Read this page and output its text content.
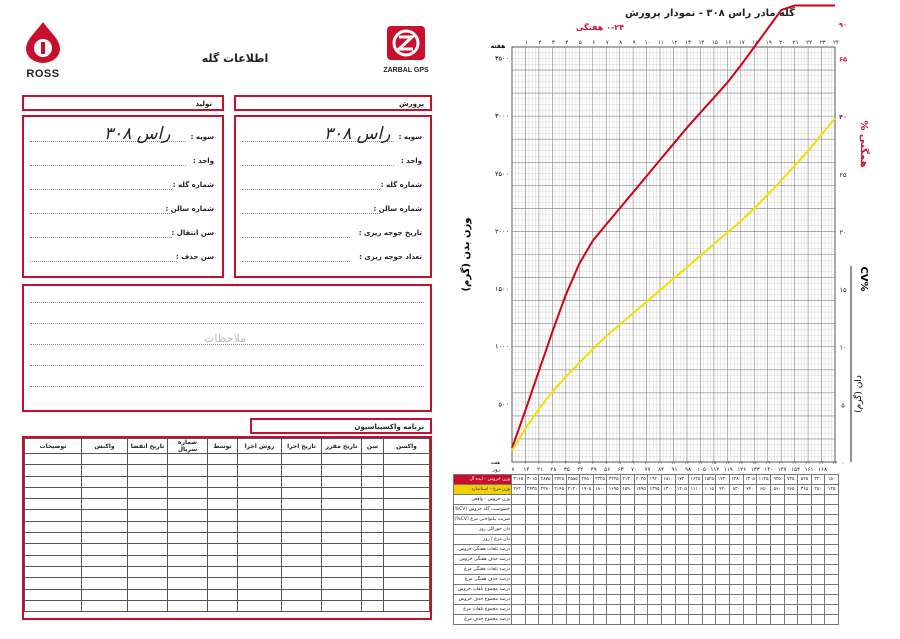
ROSS	ZARBAL GPS
اطلاعات گله
تولید	پرورش
سویه :
راس ۳۰۸
واحد :
شماره گله :
شماره سالن :
سن انتقال :
سن حذف :
سویه :
راس ۳۰۸
واحد :
شماره گله :
شماره سالن :
تاریخ جوجه ریزی :
تعداد جوجه ریزی :
ملاحظات
برنامه واکسیناسیون
واکسن	سن	تاریخ مقرر	تاریخ اجرا	روش اجرا	توسط	شماره سریال	تاریخ انقضا	واکنش	توضیحات

گله مادر راس ۳۰۸ - نمودار پرورش
۰-۲۴ هفتگی
۱ ۲ ۳ ۴ ۵ ۶ ۷ ۸ ۹ ۱۰ ۱۱ ۱۲ ۱۳ ۱۴ ۱۵ ۱۶ ۱۷ ۱۸ ۱۹ ۲۰ ۲۱ ۲۲ ۲۳ ۲۴
هفته
۷
۱
۱۴
۲
۲۱
۳
۲۸
۴
۳۵
۵
۴۲
۶
۴۹
۷
۵۶
۸
۶۳
۹
۷۰
۱۰
۷۷
۱۱
۸۴
۱۲
۹۱
۱۳
۹۸
۱۴
۱۰۵
۱۵
۱۱۲
۱۶
۱۱۹
۱۷
۱۲۶
۱۸
۱۳۳
۱۹
۱۴۰
۲۰
۱۴۷
۲۱
۱۵۴
۲۲
۱۶۱
۲۳
۱۶۸
۲۴
هفته
روز
۵۰۰
۱۰۰۰
۱۵۰۰
۲۰۰۰
۲۵۰۰
۳۰۰۰
۳۵۰۰
وزن بدن (گرم)
۹۰
۶۵
۴۰
۲۵
۲۰
۱۵
۱۰
۵
۰
% همگنی
CV%
دان (گرم)
وزن خروس - ایده آل	۳۱۶۵	۳۰۱۵	۲۸۷۵	۲۷۲۵	۲۵۸۵	۲۴۵۰	۲۳۲۵	۲۲۲۵	۲۱۳۰	۲۰۳۵	۱۹۲۰	۱۸۱۰	۱۷۲۰	۱۶۲۵	۱۵۲۵	۱۴۲۰	۱۳۸۰	۱۳۰۵	۱۱۲۵	۹۲۵	۷۲۵	۵۲۵	۳۲۰	۱۵۰
وزن مرغ - استاندارد	۲۶۲۰	۲۴۳۵	۲۲۸۰	۲۱۴۵	۲۰۲۰	۱۹۰۵	۱۸۰۰	۱۶۹۵	۱۵۹۰	۱۴۹۵	۱۳۹۵	۱۳۰۰	۱۲۰۵	۱۱۱۰	۱۰۱۵	۹۲۰	۸۳۰	۷۴۰	۶۵۰	۵۶۰	۴۶۵	۳۶۵	۲۵۰	۱۲۵
وزن خروس - واقعی																								
خصوصیت گله خروس (CV%)																								
ضریب یکنواختی مرغ (CV%)																								
دان خوراکی روز																								
دان مرغ / روز																								
درصد تلفات هفتگی خروس																								
درصد حذف هفتگی خروس																								
درصد تلفات هفتگی مرغ																								
درصد حذف هفتگی مرغ																								
درصد مجموع تلفات خروس																								
درصد مجموع حذف خروس																								
درصد مجموع تلفات مرغ																								
درصد مجموع حذف مرغ																								
